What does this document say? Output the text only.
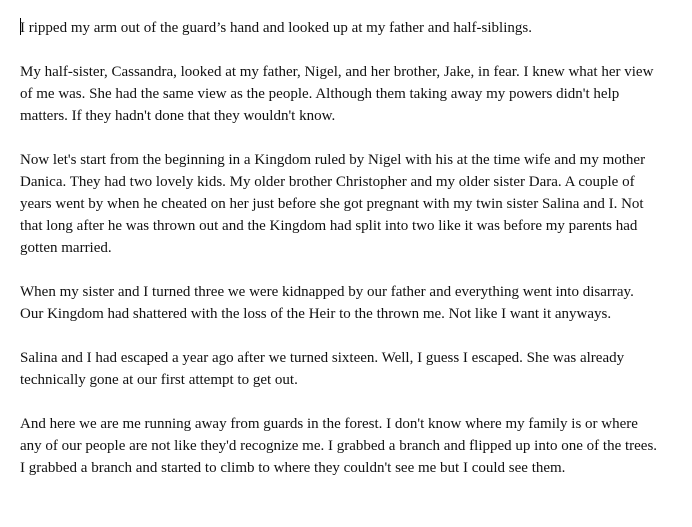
I ripped my arm out of the guard’s hand and looked up at my father and half-siblings.

My half-sister, Cassandra, looked at my father, Nigel, and her brother, Jake, in fear. I knew what her view of me was. She had the same view as the people. Although them taking away my powers didn't help matters. If they hadn't done that they wouldn't know.

Now let's start from the beginning in a Kingdom ruled by Nigel with his at the time wife and my mother Danica. They had two lovely kids. My older brother Christopher and my older sister Dara. A couple of years went by when he cheated on her just before she got pregnant with my twin sister Salina and I. Not that long after he was thrown out and the Kingdom had split into two like it was before my parents had gotten married.

When my sister and I turned three we were kidnapped by our father and everything went into disarray. Our Kingdom had shattered with the loss of the Heir to the thrown me. Not like I want it anyways.

Salina and I had escaped a year ago after we turned sixteen. Well, I guess I escaped. She was already technically gone at our first attempt to get out.

And here we are me running away from guards in the forest. I don't know where my family is or where any of our people are not like they'd recognize me. I grabbed a branch and flipped up into one of the trees. I grabbed a branch and started to climb to where they couldn't see me but I could see them.
